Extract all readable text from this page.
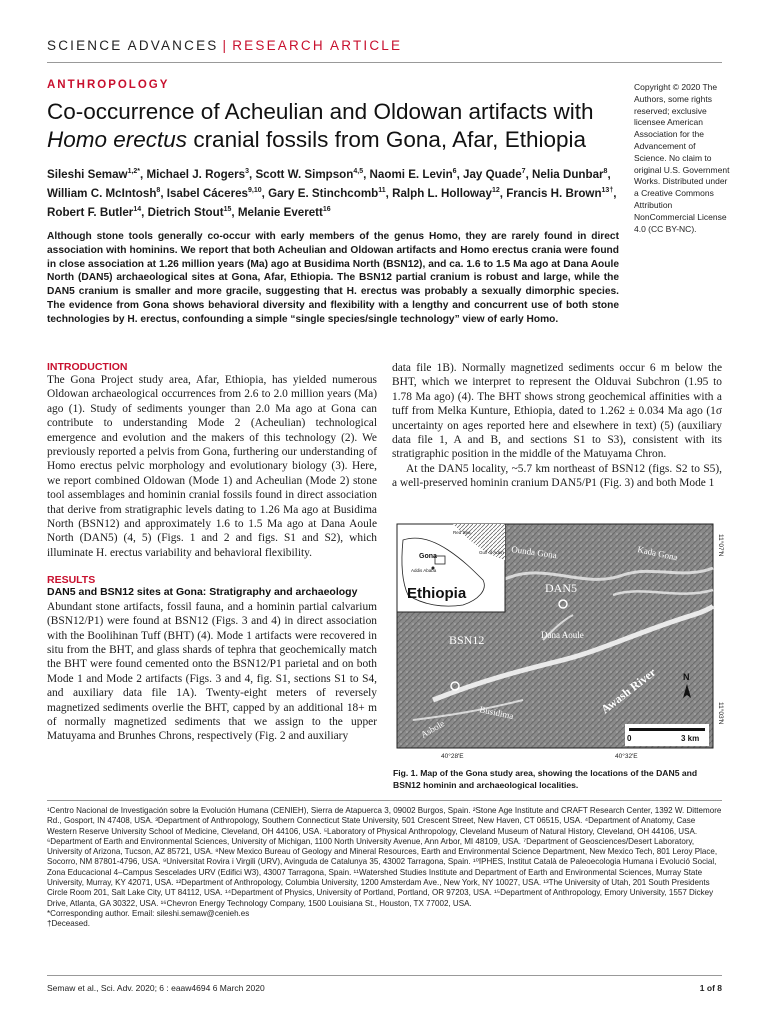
SCIENCE ADVANCES | RESEARCH ARTICLE
ANTHROPOLOGY
Co-occurrence of Acheulian and Oldowan artifacts with
Homo erectus cranial fossils from Gona, Afar, Ethiopia
Sileshi Semaw$^{1,2*}$, Michael J. Rogers$^3$, Scott W. Simpson$^{4,5}$, Naomi E. Levin$^6$, Jay Quade$^7$, Nelia Dunbar$^8$, William C. McIntosh$^8$, Isabel Cáceres$^{9,10}$, Gary E. Stinchcomb$^{11}$, Ralph L. Holloway$^{12}$, Francis H. Brown$^{13\dagger}$, Robert F. Butler$^{14}$, Dietrich Stout$^{15}$, Melanie Everett$^{16}$
Although stone tools generally co-occur with early members of the genus Homo, they are rarely found in direct association with hominins. We report that both Acheulian and Oldowan artifacts and Homo erectus crania were found in close association at 1.26 million years (Ma) ago at Busidima North (BSN12), and ca. 1.6 to 1.5 Ma ago at Dana Aoule North (DAN5) archaeological sites at Gona, Afar, Ethiopia. The BSN12 partial cranium is robust and large, while the DAN5 cranium is smaller and more gracile, suggesting that H. erectus was probably a sexually dimorphic species. The evidence from Gona shows behavioral diversity and flexibility with a lengthy and concurrent use of both stone technologies by H. erectus, confounding a simple “single species/single technology” view of early Homo.
Copyright © 2020 The Authors, some rights reserved; exclusive licensee American Association for the Advancement of Science. No claim to original U.S. Government Works. Distributed under a Creative Commons Attribution NonCommercial License 4.0 (CC BY-NC).
INTRODUCTION

The Gona Project study area, Afar, Ethiopia, has yielded numerous Oldowan archaeological occurrences from 2.6 to 2.0 million years (Ma) ago (1). Study of sediments younger than 2.0 Ma ago at Gona can contribute to understanding Mode 2 (Acheulian) technological emergence and evolution and the makers of this technology (2). We previously reported a pelvis from Gona, furthering our understanding of Homo erectus pelvic morphology and evolutionary biology (3). Here, we report combined Oldowan (Mode 1) and Acheulian (Mode 2) stone tool assemblages and hominin cranial fossils found in direct association that derive from stratigraphic levels dating to 1.26 Ma ago at Busidima North (BSN12) and approximately 1.6 to 1.5 Ma ago at Dana Aoule North (DAN5) (4, 5) (Figs. 1 and 2 and figs. S1 and S2), which illuminate H. erectus variability and behavioral flexibility.

RESULTS
DAN5 and BSN12 sites at Gona: Stratigraphy and archaeology

Abundant stone artifacts, fossil fauna, and a hominin partial calvarium (BSN12/P1) were found at BSN12 (Figs. 3 and 4) in direct association with the Boolihinan Tuff (BHT) (4). Mode 1 artifacts were recovered in situ from the BHT, and glass shards of tephra that geochemically match the BHT were found cemented onto the BSN12/P1 parietal and on both Mode 1 and Mode 2 artifacts (Figs. 3 and 4, fig. S1, sections S1 to S4, and auxiliary data file 1A). Twenty-eight meters of reversely magnetized sediments overlie the BHT, capped by an additional 18+ m of normally magnetized sediments that we assign to the upper Matuyama and Brunhes Chrons, respectively (Fig. 2 and auxiliary

data file 1B). Normally magnetized sediments occur 6 m below the BHT, which we interpret to represent the Olduvai Subchron (1.95 to 1.78 Ma ago) (4). The BHT shows strong geochemical affinities with a tuff from Melka Kunture, Ethiopia, dated to 1.262 ± 0.034 Ma ago (1σ uncertainty on ages reported here and elsewhere in text) (5) (auxiliary data file 1, A and B, and sections S1 to S3), consistent with its stratigraphic position in the middle of the Matuyama Chron.

At the DAN5 locality, ~5.7 km northeast of BSN12 (figs. S2 to S5), a well-preserved hominin cranium DAN5/P1 (Fig. 3) and both Mode 1

Red Sea
Gulf of Aden
Gona
Addis Ababa
Ethiopia
Ounda Gona	Kada Gona
DAN5
Dana Aoule
BSN12
Awash River
Busidima
Asbole
N
0	3 km
40°28′E	40°32′E
11°07′N
11°03′N
Fig. 1. Map of the Gona study area, showing the locations of the DAN5 and BSN12 hominin and archaeological localities.

¹Centro Nacional de Investigación sobre la Evolución Humana (CENIEH), Sierra de Atapuerca 3, 09002 Burgos, Spain. ²Stone Age Institute and CRAFT Research Center, 1392 W. Dittemore Rd., Gosport, IN 47408, USA. ³Department of Anthropology, Southern Connecticut State University, 501 Crescent Street, New Haven, CT 06515, USA. ⁴Department of Anatomy, Case Western Reserve University School of Medicine, Cleveland, OH 44106, USA. ⁵Laboratory of Physical Anthropology, Cleveland Museum of Natural History, Cleveland, OH 44106, USA. ⁶Department of Earth and Environmental Sciences, University of Michigan, 1100 North University Avenue, Ann Arbor, MI 48109, USA. ⁷Department of Geosciences/Desert Laboratory, University of Arizona, Tucson, AZ 85721, USA. ⁸New Mexico Bureau of Geology and Mineral Resources, Earth and Environmental Science Department, New Mexico Tech, 801 Leroy Place, Socorro, NM 87801-4796, USA. ⁹Universitat Rovira i Virgili (URV), Avinguda de Catalunya 35, 43002 Tarragona, Spain. ¹⁰IPHES, Institut Català de Paleoecologia Humana i Evolució Social, Zona Educacional 4–Campus Sescelades URV (Edifici W3), 43007 Tarragona, Spain. ¹¹Watershed Studies Institute and Department of Earth and Environmental Sciences, Murray State University, Murray, KY 42071, USA. ¹²Department of Anthropology, Columbia University, 1200 Amsterdam Ave., New York, NY 10027, USA. ¹³The University of Utah, 201 South Presidents Circle Room 201, Salt Lake City, UT 84112, USA. ¹⁴Department of Physics, University of Portland, Portland, OR 97203, USA. ¹⁵Department of Anthropology, Emory University, 1557 Dickey Drive, Atlanta, GA 30322, USA. ¹⁶Chevron Energy Technology Company, 1500 Louisiana St., Houston, TX 77002, USA.

*Corresponding author. Email: sileshi.semaw@cenieh.es

†Deceased.

Semaw et al., Sci. Adv. 2020; 6 : eaaw4694 6 March 2020	1 of 8
